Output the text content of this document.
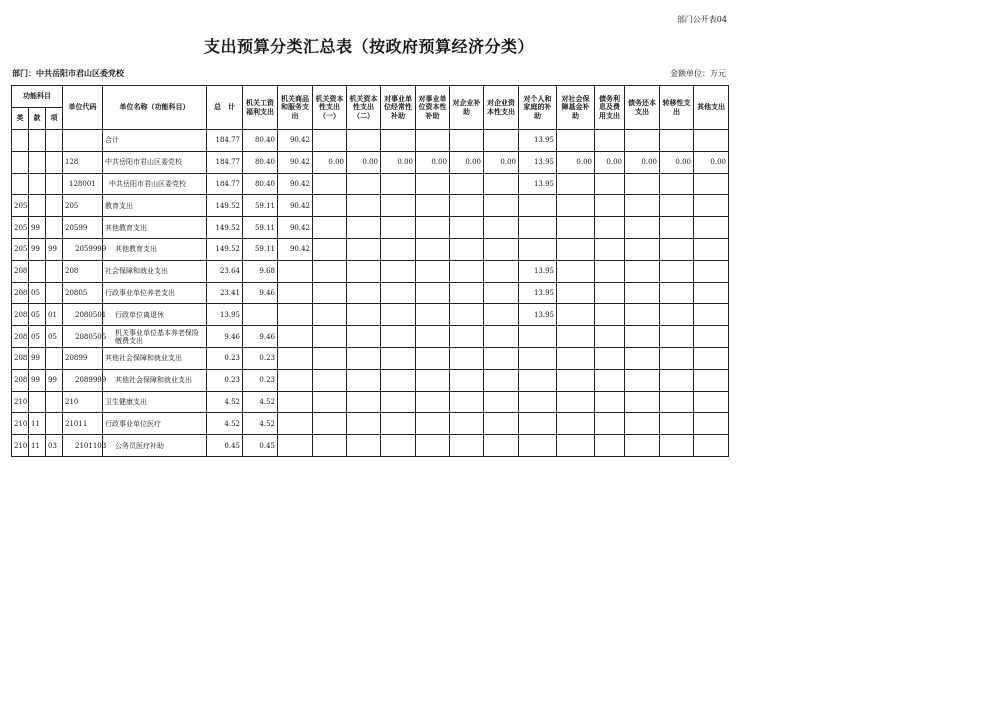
部门公开表04
支出预算分类汇总表（按政府预算经济分类）
部门：中共岳阳市君山区委党校	金额单位：万元
功能科目			单位代码	单位名称（功能科目）	总　计	机关工资福利支出	机关商品和服务支出	机关资本性支出（一）	机关资本性支出（二）	对事业单位经常性补助	对事业单位资本性补助	对企业补助	对企业资本性支出	对个人和家庭的补助	对社会保障基金补助	债务利息及费用支出	债务还本支出	转移性支出	其他支出
类	款	项																	
				合计	184.77	80.40	90.42							13.95					
			128	中共岳阳市君山区委党校	184.77	80.40	90.42	0.00	0.00	0.00	0.00	0.00	0.00	13.95	0.00	0.00	0.00	0.00	0.00
			128001	中共岳阳市君山区委党校	184.77	80.40	90.42							13.95					
205			205	教育支出	149.52	59.11	90.42												
205	99		20599	其他教育支出	149.52	59.11	90.42												
205	99	99	2059999	其他教育支出	149.52	59.11	90.42												
208			208	社会保障和就业支出	23.64	9.68								13.95					
208	05		20805	行政事业单位养老支出	23.41	9.46								13.95					
208	05	01	2080501	行政单位离退休	13.95									13.95					
208	05	05	2080505	机关事业单位基本养老保险缴费支出	9.46	9.46													
208	99		20899	其他社会保障和就业支出	0.23	0.23													
208	99	99	2089999	其他社会保障和就业支出	0.23	0.23													
210			210	卫生健康支出	4.52	4.52													
210	11		21011	行政事业单位医疗	4.52	4.52													
210	11	03	2101103	公务员医疗补助	0.45	0.45													
